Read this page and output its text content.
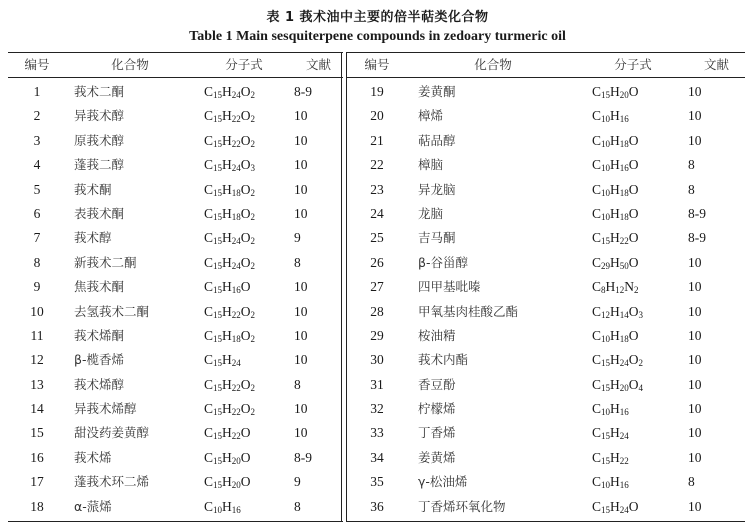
表 1 莪术油中主要的倍半萜类化合物
Table 1 Main sesquiterpene compounds in zedoary turmeric oil
编号	化合物	分子式	文献
1	莪术二酮	$C_{15}H_{24}O_2$	8-9
2	异莪术醇	$C_{15}H_{22}O_2$	10
3	原莪术醇	$C_{15}H_{22}O_2$	10
4	蓬莪二醇	$C_{15}H_{24}O_3$	10
5	莪术酮	$C_{15}H_{18}O_2$	10
6	表莪术酮	$C_{15}H_{18}O_2$	10
7	莪术醇	$C_{15}H_{24}O_2$	9
8	新莪术二酮	$C_{15}H_{24}O_2$	8
9	焦莪术酮	$C_{15}H_{16}O$	10
10	去氢莪术二酮	$C_{15}H_{22}O_2$	10
11	莪术烯酮	$C_{15}H_{18}O_2$	10
12	β-榄香烯	$C_{15}H_{24}$	10
13	莪术烯醇	$C_{15}H_{22}O_2$	8
14	异莪术烯醇	$C_{15}H_{22}O_2$	10
15	甜没药姜黄醇	$C_{15}H_{22}O$	10
16	莪术烯	$C_{15}H_{20}O$	8-9
17	蓬莪术环二烯	$C_{15}H_{20}O$	9
18	α-蒎烯	$C_{10}H_{16}$	8
编号	化合物	分子式	文献
19	姜黄酮	$C_{15}H_{20}O$	10
20	樟烯	$C_{10}H_{16}$	10
21	萜品醇	$C_{10}H_{18}O$	10
22	樟脑	$C_{10}H_{16}O$	8
23	异龙脑	$C_{10}H_{18}O$	8
24	龙脑	$C_{10}H_{18}O$	8-9
25	吉马酮	$C_{15}H_{22}O$	8-9
26	β-谷甾醇	$C_{29}H_{50}O$	10
27	四甲基吡嗪	$C_8H_{12}N_2$	10
28	甲氧基肉桂酸乙酯	$C_{12}H_{14}O_3$	10
29	桉油精	$C_{10}H_{18}O$	10
30	莪术内酯	$C_{15}H_{24}O_2$	10
31	香豆酚	$C_{15}H_{20}O_4$	10
32	柠檬烯	$C_{10}H_{16}$	10
33	丁香烯	$C_{15}H_{24}$	10
34	姜黄烯	$C_{15}H_{22}$	10
35	γ-松油烯	$C_{10}H_{16}$	8
36	丁香烯环氧化物	$C_{15}H_{24}O$	10
